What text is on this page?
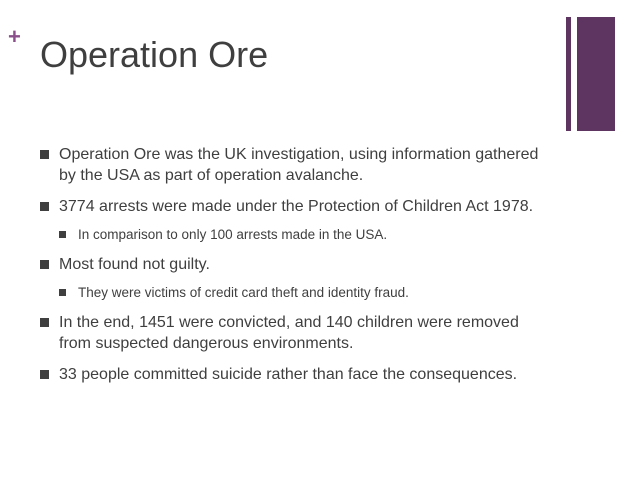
+ Operation Ore
Operation Ore was the UK investigation, using information gathered by the USA as part of operation avalanche.
3774 arrests were made under the Protection of Children Act 1978.
In comparison to only 100 arrests made in the USA.
Most found not guilty.
They were victims of credit card theft and identity fraud.
In the end, 1451 were convicted, and 140 children were removed from suspected dangerous environments.
33 people committed suicide rather than face the consequences.
